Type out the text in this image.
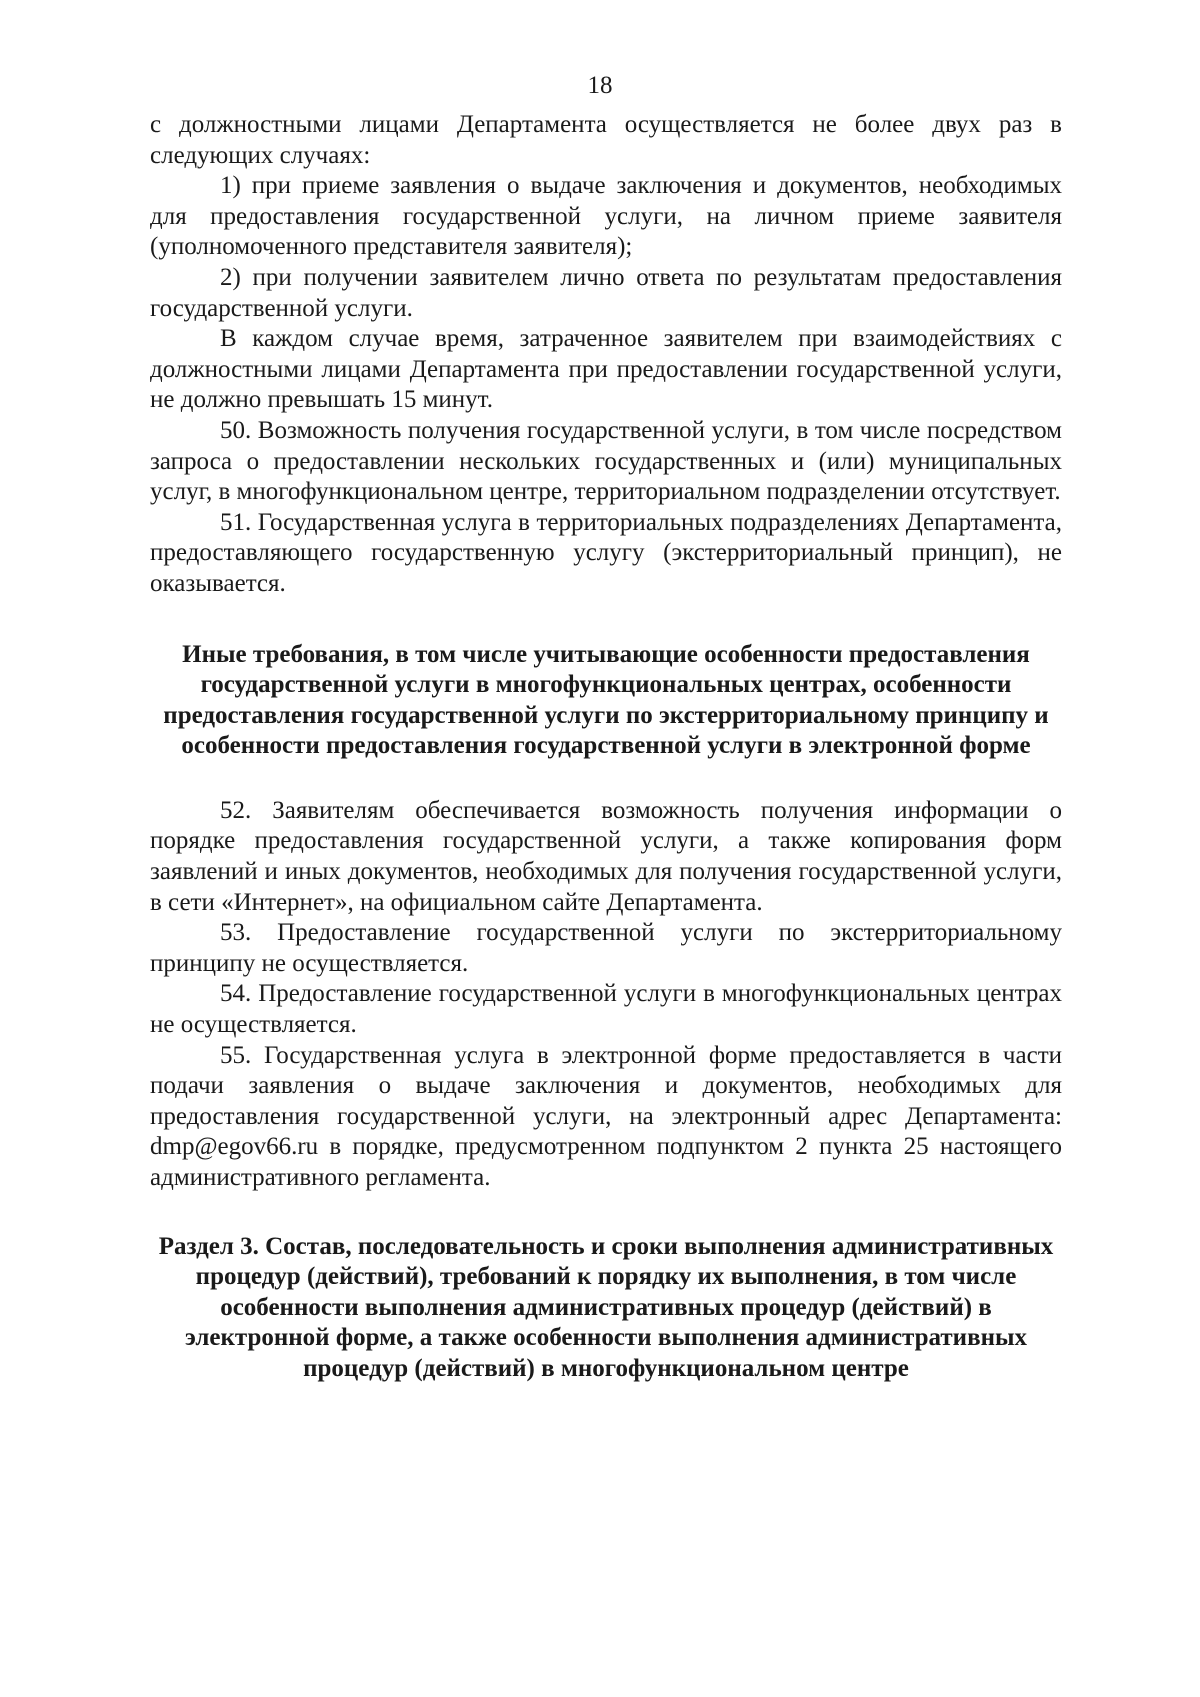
18

с должностными лицами Департамента осуществляется не более двух раз в следующих случаях:

1) при приеме заявления о выдаче заключения и документов, необходимых для предоставления государственной услуги, на личном приеме заявителя (уполномоченного представителя заявителя);

2) при получении заявителем лично ответа по результатам предоставления государственной услуги.

В каждом случае время, затраченное заявителем при взаимодействиях с должностными лицами Департамента при предоставлении государственной услуги, не должно превышать 15 минут.

50. Возможность получения государственной услуги, в том числе посредством запроса о предоставлении нескольких государственных и (или) муниципальных услуг, в многофункциональном центре, территориальном подразделении отсутствует.

51. Государственная услуга в территориальных подразделениях Департамента, предоставляющего государственную услугу (экстерриториальный принцип), не оказывается.

Иные требования, в том числе учитывающие особенности предоставления государственной услуги в многофункциональных центрах, особенности предоставления государственной услуги по экстерриториальному принципу и особенности предоставления государственной услуги в электронной форме

52. Заявителям обеспечивается возможность получения информации о порядке предоставления государственной услуги, а также копирования форм заявлений и иных документов, необходимых для получения государственной услуги, в сети «Интернет», на официальном сайте Департамента.

53. Предоставление государственной услуги по экстерриториальному принципу не осуществляется.

54. Предоставление государственной услуги в многофункциональных центрах не осуществляется.

55. Государственная услуга в электронной форме предоставляется в части подачи заявления о выдаче заключения и документов, необходимых для предоставления государственной услуги, на электронный адрес Департамента: dmp@egov66.ru в порядке, предусмотренном подпунктом 2 пункта 25 настоящего административного регламента.

Раздел 3. Состав, последовательность и сроки выполнения административных процедур (действий), требований к порядку их выполнения, в том числе особенности выполнения административных процедур (действий) в электронной форме, а также особенности выполнения административных процедур (действий) в многофункциональном центре
